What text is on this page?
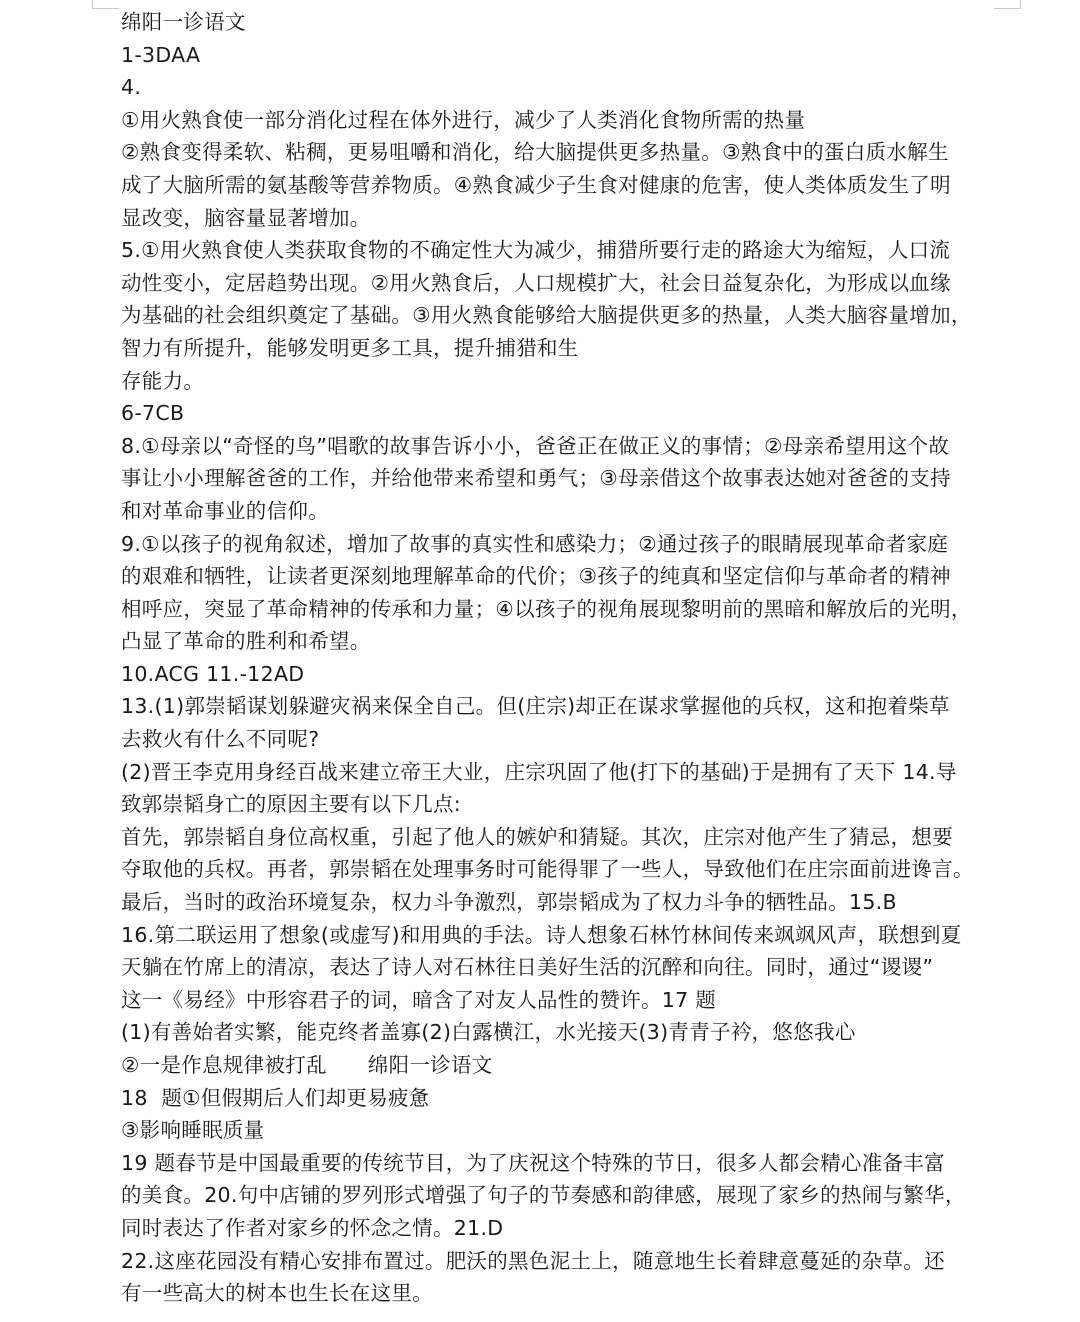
绵阳一诊语文
1-3DAA
4.
①用火熟食使一部分消化过程在体外进行，减少了人类消化食物所需的热量
②熟食变得柔软、粘稠，更易咀嚼和消化，给大脑提供更多热量。③熟食中的蛋白质水解生
成了大脑所需的氨基酸等营养物质。④熟食减少子生食对健康的危害，使人类体质发生了明
显改变，脑容量显著增加。
5.①用火熟食使人类获取食物的不确定性大为减少，捕猎所要行走的路途大为缩短，人口流
动性变小，定居趋势出现。②用火熟食后，人口规模扩大，社会日益复杂化，为形成以血缘
为基础的社会组织奠定了基础。③用火熟食能够给大脑提供更多的热量，人类大脑容量增加，
智力有所提升，能够发明更多工具，提升捕猎和生
存能力。
6-7CB
8.①母亲以“奇怪的鸟”唱歌的故事告诉小小，爸爸正在做正义的事情；②母亲希望用这个故
事让小小理解爸爸的工作，并给他带来希望和勇气；③母亲借这个故事表达她对爸爸的支持
和对革命事业的信仰。
9.①以孩子的视角叙述，增加了故事的真实性和感染力；②通过孩子的眼睛展现革命者家庭
的艰难和牺牲，让读者更深刻地理解革命的代价；③孩子的纯真和坚定信仰与革命者的精神
相呼应，突显了革命精神的传承和力量；④以孩子的视角展现黎明前的黑暗和解放后的光明，
凸显了革命的胜利和希望。
10.ACG 11.-12AD
13.(1)郭崇韬谋划躲避灾祸来保全自己。但(庄宗)却正在谋求掌握他的兵权，这和抱着柴草
去救火有什么不同呢?
(2)晋王李克用身经百战来建立帝王大业，庄宗巩固了他(打下的基础)于是拥有了天下 14.导
致郭崇韬身亡的原因主要有以下几点:
首先，郭崇韬自身位高权重，引起了他人的嫉妒和猜疑。其次，庄宗对他产生了猜忌，想要
夺取他的兵权。再者，郭崇韬在处理事务时可能得罪了一些人，导致他们在庄宗面前进谗言。
最后，当时的政治环境复杂，权力斗争激烈，郭崇韬成为了权力斗争的牺牲品。15.B
16.第二联运用了想象(或虚写)和用典的手法。诗人想象石林竹林间传来飒飒风声，联想到夏
天躺在竹席上的清凉，表达了诗人对石林往日美好生活的沉醉和向往。同时，通过“谡谡”
这一《易经》中形容君子的词，暗含了对友人品性的赞许。17 题
(1)有善始者实繁，能克终者盖寡(2)白露横江，水光接天(3)青青子衿，悠悠我心
②一是作息规律被打乱      绵阳一诊语文
18  题①但假期后人们却更易疲惫
③影响睡眠质量
19 题春节是中国最重要的传统节目，为了庆祝这个特殊的节日，很多人都会精心准备丰富
的美食。20.句中店铺的罗列形式增强了句子的节奏感和韵律感，展现了家乡的热闹与繁华，
同时表达了作者对家乡的怀念之情。21.D
22.这座花园没有精心安排布置过。肥沃的黑色泥土上，随意地生长着肆意蔓延的杂草。还
有一些高大的树本也生长在这里。
